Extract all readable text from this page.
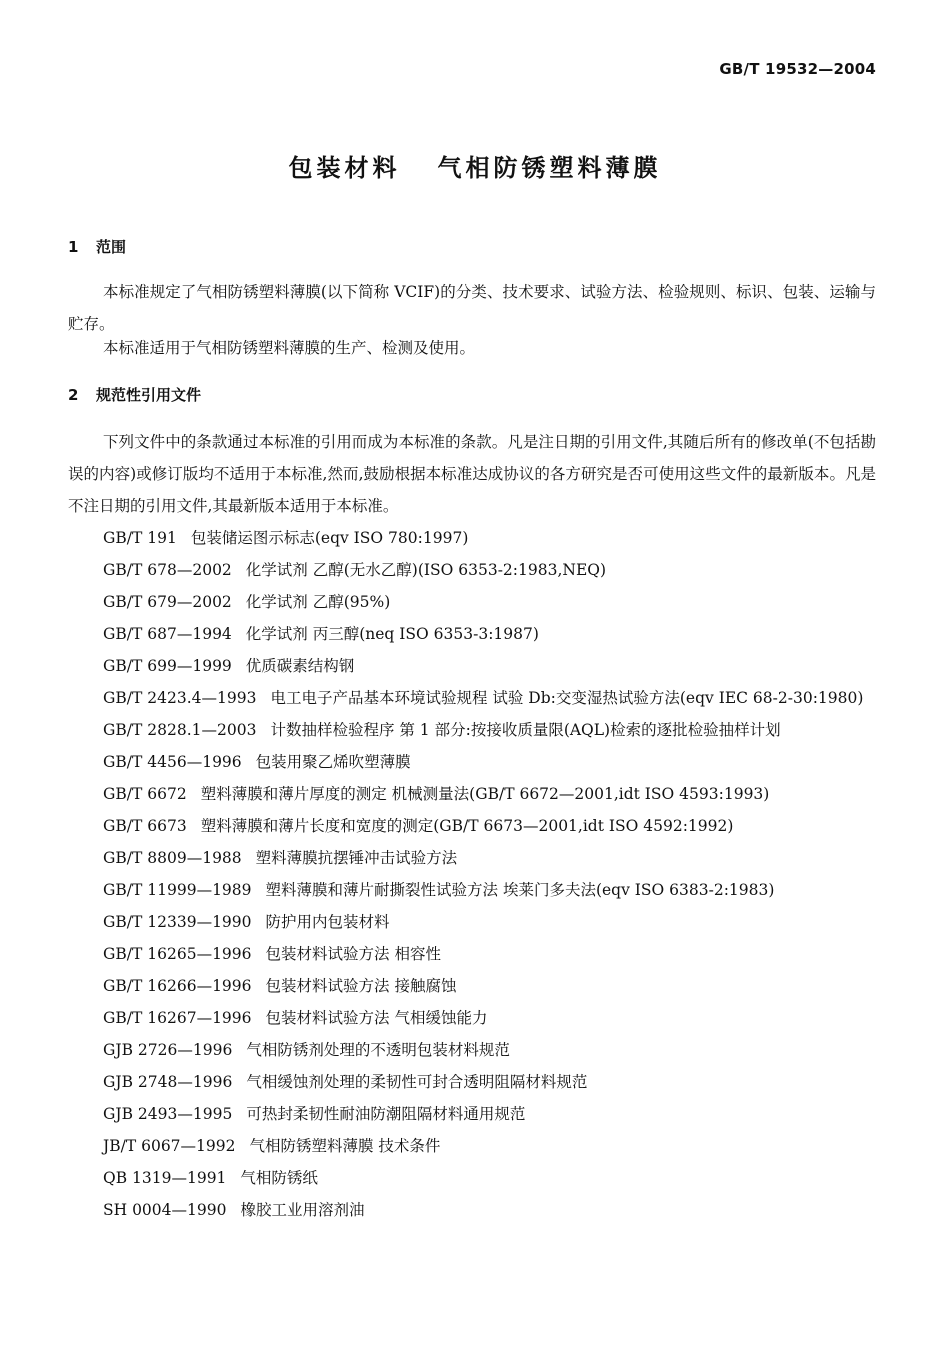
GB/T 19532—2004
包装材料   气相防锈塑料薄膜
1 范围

本标准规定了气相防锈塑料薄膜(以下简称 VCIF)的分类、技术要求、试验方法、检验规则、标识、包装、运输与贮存。

本标准适用于气相防锈塑料薄膜的生产、检测及使用。

2 规范性引用文件

下列文件中的条款通过本标准的引用而成为本标准的条款。凡是注日期的引用文件,其随后所有的修改单(不包括勘误的内容)或修订版均不适用于本标准,然而,鼓励根据本标准达成协议的各方研究是否可使用这些文件的最新版本。凡是不注日期的引用文件,其最新版本适用于本标准。

GB/T 191 包装储运图示标志(eqv ISO 780:1997)
GB/T 678—2002 化学试剂 乙醇(无水乙醇)(ISO 6353-2:1983,NEQ)
GB/T 679—2002 化学试剂 乙醇(95%)
GB/T 687—1994 化学试剂 丙三醇(neq ISO 6353-3:1987)
GB/T 699—1999 优质碳素结构钢
GB/T 2423.4—1993 电工电子产品基本环境试验规程 试验 Db:交变湿热试验方法(eqv IEC 68-2-30:1980)
GB/T 2828.1—2003 计数抽样检验程序 第 1 部分:按接收质量限(AQL)检索的逐批检验抽样计划
GB/T 4456—1996 包装用聚乙烯吹塑薄膜
GB/T 6672 塑料薄膜和薄片厚度的测定 机械测量法(GB/T 6672—2001,idt ISO 4593:1993)
GB/T 6673 塑料薄膜和薄片长度和宽度的测定(GB/T 6673—2001,idt ISO 4592:1992)
GB/T 8809—1988 塑料薄膜抗摆锤冲击试验方法
GB/T 11999—1989 塑料薄膜和薄片耐撕裂性试验方法 埃莱门多夫法(eqv ISO 6383-2:1983)
GB/T 12339—1990 防护用内包装材料
GB/T 16265—1996 包装材料试验方法 相容性
GB/T 16266—1996 包装材料试验方法 接触腐蚀
GB/T 16267—1996 包装材料试验方法 气相缓蚀能力
GJB 2726—1996 气相防锈剂处理的不透明包装材料规范
GJB 2748—1996 气相缓蚀剂处理的柔韧性可封合透明阻隔材料规范
GJB 2493—1995 可热封柔韧性耐油防潮阻隔材料通用规范
JB/T 6067—1992 气相防锈塑料薄膜 技术条件
QB 1319—1991 气相防锈纸
SH 0004—1990 橡胶工业用溶剂油
